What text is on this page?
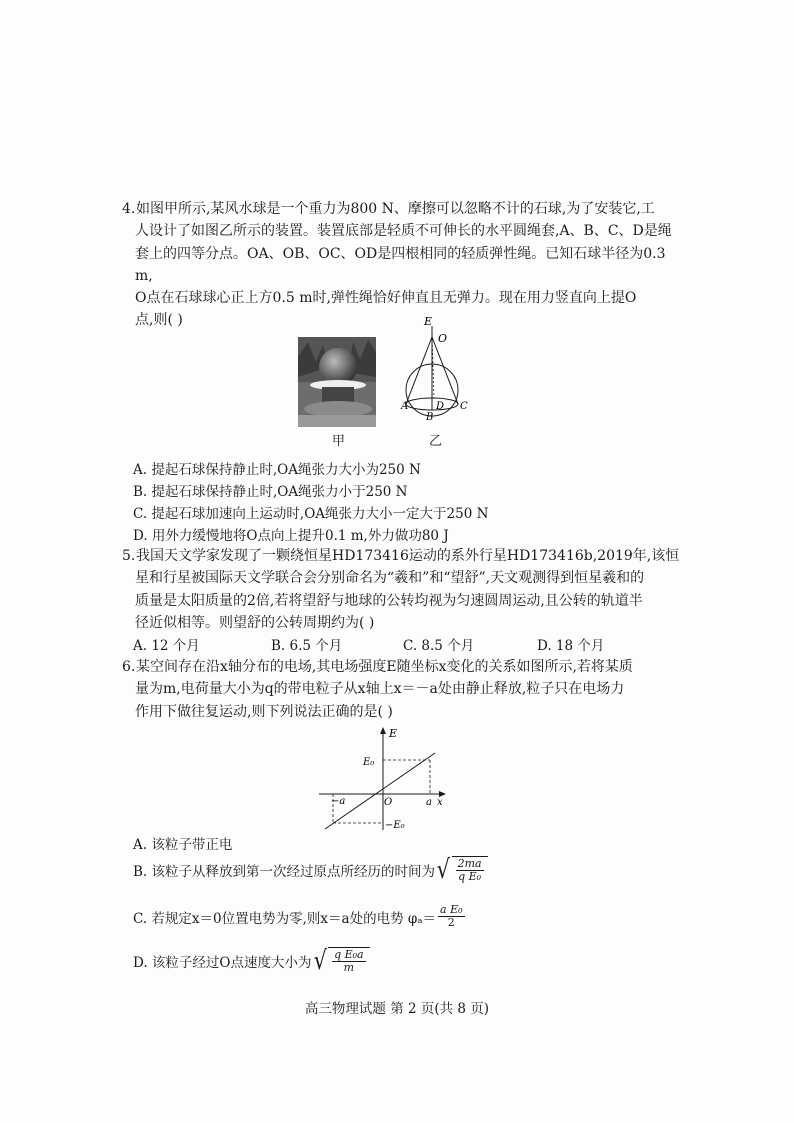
4.如图甲所示,某风水球是一个重力为800 N、摩擦可以忽略不计的石球,为了安装它,工
人设计了如图乙所示的装置。装置底部是轻质不可伸长的水平圆绳套,A、B、C、D是绳
套上的四等分点。OA、OB、OC、OD是四根相同的轻质弹性绳。已知石球半径为0.3 m,
O点在石球球心正上方0.5 m时,弹性绳恰好伸直且无弹力。现在用力竖直向上提O
点,则( )
甲
E
O
A
B
C
D
乙
A. 提起石球保持静止时,OA绳张力大小为250 N
B. 提起石球保持静止时,OA绳张力小于250 N
C. 提起石球加速向上运动时,OA绳张力大小一定大于250 N
D. 用外力缓慢地将O点向上提升0.1 m,外力做功80 J
5.我国天文学家发现了一颗绕恒星HD173416运动的系外行星HD173416b,2019年,该恒
星和行星被国际天文学联合会分别命名为“羲和”和“望舒”,天文观测得到恒星羲和的
质量是太阳质量的2倍,若将望舒与地球的公转均视为匀速圆周运动,且公转的轨道半
径近似相等。则望舒的公转周期约为( )
A. 12 个月	B. 6.5 个月	C. 8.5 个月	D. 18 个月
6.某空间存在沿x轴分布的电场,其电场强度E随坐标x变化的关系如图所示,若将某质
量为m,电荷量大小为q的带电粒子从x轴上x＝－a处由静止释放,粒子只在电场力
作用下做往复运动,则下列说法正确的是( )
E
E₀
−E₀
−a	O	a x
A. 该粒子带正电
B. 该粒子从释放到第一次经过原点所经历的时间为 √ $\frac{2ma}{\text{q E₀}}$
C. 若规定x＝0位置电势为零,则x＝a处的电势 $\varphi_a= \frac{\text{a E₀}}{2}$
D. 该粒子经过O点速度大小为 √ $\frac{\text{q E₀a}}{m}$
高三物理试题 第 2 页(共 8 页)
